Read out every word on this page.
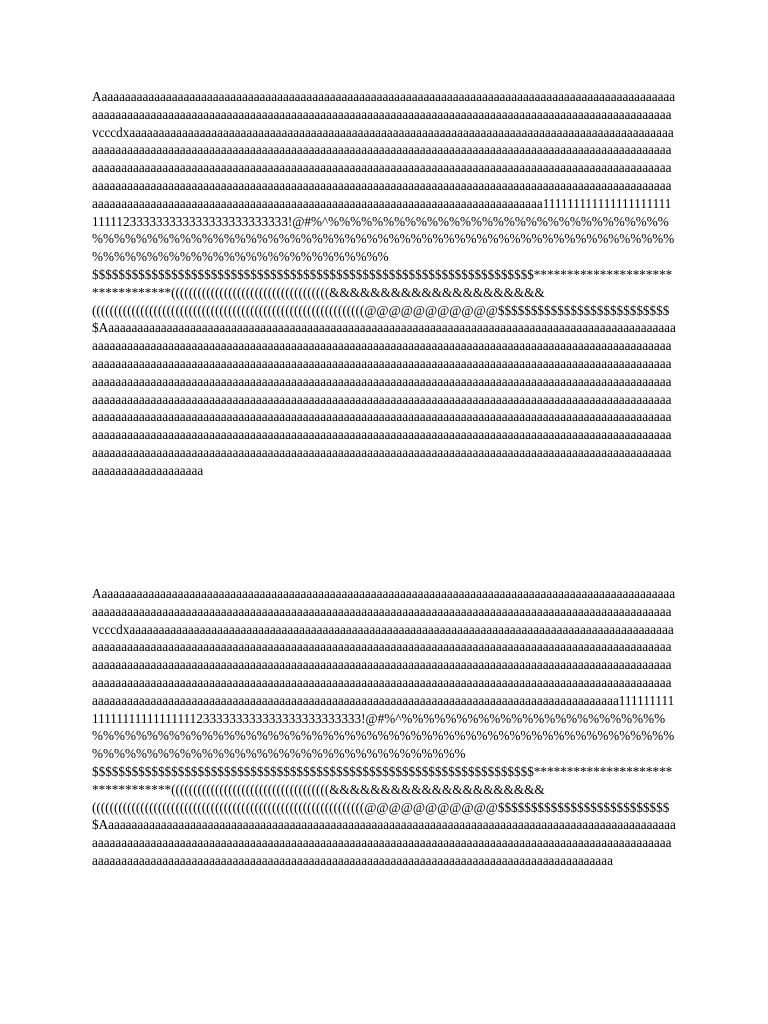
Aaaaaaaaaaaaaaaaaaaaaaaaaaaaaaaaaaaaaaaaaaaaaaaaaaaaaaaaaaaaaaaaaaaaaaaaaaaaaaaaaaaaaaaaaaaaaaaaaaaaaaaaaaaaaaaaaaaaaaaaaaaaaaaaaaaaaaaaaaaaaaaaaaaaaaaaaaaaaaaaaaaaaaaaaaaaaaaaaaaaaaaaaaaaaaaaaaaaaavcccdxaaaaaaaaaaaaaaaaaaaaaaaaaaaaaaaaaaaaaaaaaaaaaaaaaaaaaaaaaaaaaaaaaaaaaaaaaaaaaaaaaaaaaaaaaaaaaaaaaaaaaaaaaaaaaaaaaaaaaaaaaaaaaaaaaaaaaaaaaaaaaaaaaaaaaaaaaaaaaaaaaaaaaaaaaaaaaaaaaaaaaaaaaaaaaaaaaaaaaaaaaaaaaaaaaaaaaaaaaaaaaaaaaaaaaaaaaaaaaaaaaaaaaaaaaaaaaaaaaaaaaaaaaaaaaaaaaaaaaaaaaaaaaaaaaaaaaaaaaaaaaaaaaaaaaaaaaaaaaaaaaaaaaaaaaaaaaaaaaaaaaaaaaaaaaaaaaaaaaaaaaaaaaaaaaaaaaaaaaaaaaaaaaaaaaaaaaaaaaaaaaaaaaaaaaaaaaaaaaaaaaaaaaaaaaaaaaaaaaaaaaaaaaaaaaaaaaaaaaaaaaaaaaaa111111111111111111111111112333333333333333333333333!@#%^%%%%%%%%%%%%%%%%%%%%%%%%%%%%%%%%%%%%%%%%%%%%%%%%%%%%%%%%%%%%%%%%%%%%%%%%%%%%%%%%%%%%%%%%%%%%%%%%%%%%%%%%%%%%%%%$$$$$$$$$$$$$$$$$$$$$$$$$$$$$$$$$$$$$$$$$$$$$$$$$$$$$$$$$$$$$$$$$$$*********************************((((((((((((((((((((((((((((((((((((&&&&&&&&&&&&&&&&&&&&&((((((((((((((((((((((((((((((((((((((((((((((((((((((((((((((@@@@@@@@@@@$$$$$$$$$$$$$$$$$$$$$$$$$$

$Aaaaaaaaaaaaaaaaaaaaaaaaaaaaaaaaaaaaaaaaaaaaaaaaaaaaaaaaaaaaaaaaaaaaaaaaaaaaaaaaaaaaaaaaaaaaaaaaaaaaaaaaaaaaaaaaaaaaaaaaaaaaaaaaaaaaaaaaaaaaaaaaaaaaaaaaaaaaaaaaaaaaaaaaaaaaaaaaaaaaaaaaaaaaaaaaaaaaaaaaaaaaaaaaaaaaaaaaaaaaaaaaaaaaaaaaaaaaaaaaaaaaaaaaaaaaaaaaaaaaaaaaaaaaaaaaaaaaaaaaaaaaaaaaaaaaaaaaaaaaaaaaaaaaaaaaaaaaaaaaaaaaaaaaaaaaaaaaaaaaaaaaaaaaaaaaaaaaaaaaaaaaaaaaaaaaaaaaaaaaaaaaaaaaaaaaaaaaaaaaaaaaaaaaaaaaaaaaaaaaaaaaaaaaaaaaaaaaaaaaaaaaaaaaaaaaaaaaaaaaaaaaaaaaaaaaaaaaaaaaaaaaaaaaaaaaaaaaaaaaaaaaaaaaaaaaaaaaaaaaaaaaaaaaaaaaaaaaaaaaaaaaaaaaaaaaaaaaaaaaaaaaaaaaaaaaaaaaaaaaaaaaaaaaaaaaaaaaaaaaaaaaaaaaaaaaaaaaaaaaaaaaaaaaaaaaaaaaaaaaaaaaaaaaaaaaaaaaaaaaaaaaaaaaaaaaaaaaaaaaaaaaaaaaaaaaaaaaaaaaaaaaaaaaaaaaaaaaaaaaaaaaaaaaaaaaaaaaaaaaaaaaaaaaaaaaaaaaaaaaaaaaaaaaaaaaaaaaaaaaaaaaaaaaaaaaaaaaaaaaaaaaaaaaaa

Aaaaaaaaaaaaaaaaaaaaaaaaaaaaaaaaaaaaaaaaaaaaaaaaaaaaaaaaaaaaaaaaaaaaaaaaaaaaaaaaaaaaaaaaaaaaaaaaaaaaaaaaaaaaaaaaaaaaaaaaaaaaaaaaaaaaaaaaaaaaaaaaaaaaaaaaaaaaaaaaaaaaaaaaaaaaaaaaaaaaaaaaaaaaaaaaaaaaaavcccdxaaaaaaaaaaaaaaaaaaaaaaaaaaaaaaaaaaaaaaaaaaaaaaaaaaaaaaaaaaaaaaaaaaaaaaaaaaaaaaaaaaaaaaaaaaaaaaaaaaaaaaaaaaaaaaaaaaaaaaaaaaaaaaaaaaaaaaaaaaaaaaaaaaaaaaaaaaaaaaaaaaaaaaaaaaaaaaaaaaaaaaaaaaaaaaaaaaaaaaaaaaaaaaaaaaaaaaaaaaaaaaaaaaaaaaaaaaaaaaaaaaaaaaaaaaaaaaaaaaaaaaaaaaaaaaaaaaaaaaaaaaaaaaaaaaaaaaaaaaaaaaaaaaaaaaaaaaaaaaaaaaaaaaaaaaaaaaaaaaaaaaaaaaaaaaaaaaaaaaaaaaaaaaaaaaaaaaaaaaaaaaaaaaaaaaaaaaaaaaaaaaaaaaaaaaaaaaaaaaaaaaaaaaaaaaaaaaaaaaaaaaaaaaaaaaaaaaaaaaaaaaaaaaaaaaaaaaaaaaaa111111111111111111111111112333333333333333333333333!@#%^%%%%%%%%%%%%%%%%%%%%%%%%%%%%%%%%%%%%%%%%%%%%%%%%%%%%%%%%%%%%%%%%%%%%%%%%%%%%%%%%%%%%%%%%%%%%%%%%%%%%%%%%%%%%%%%$$$$$$$$$$$$$$$$$$$$$$$$$$$$$$$$$$$$$$$$$$$$$$$$$$$$$$$$$$$$$$$$$$$*********************************((((((((((((((((((((((((((((((((((((&&&&&&&&&&&&&&&&&&&&&((((((((((((((((((((((((((((((((((((((((((((((((((((((((((((((@@@@@@@@@@@$$$$$$$$$$$$$$$$$$$$$$$$$$

$Aaaaaaaaaaaaaaaaaaaaaaaaaaaaaaaaaaaaaaaaaaaaaaaaaaaaaaaaaaaaaaaaaaaaaaaaaaaaaaaaaaaaaaaaaaaaaaaaaaaaaaaaaaaaaaaaaaaaaaaaaaaaaaaaaaaaaaaaaaaaaaaaaaaaaaaaaaaaaaaaaaaaaaaaaaaaaaaaaaaaaaaaaaaaaaaaaaaaaaaaaaaaaaaaaaaaaaaaaaaaaaaaaaaaaaaaaaaaaaaaaaaaaaaaaaaaaaaaaaaaaaaaaaaaaaaaaaaaaaaaaaaaaa
